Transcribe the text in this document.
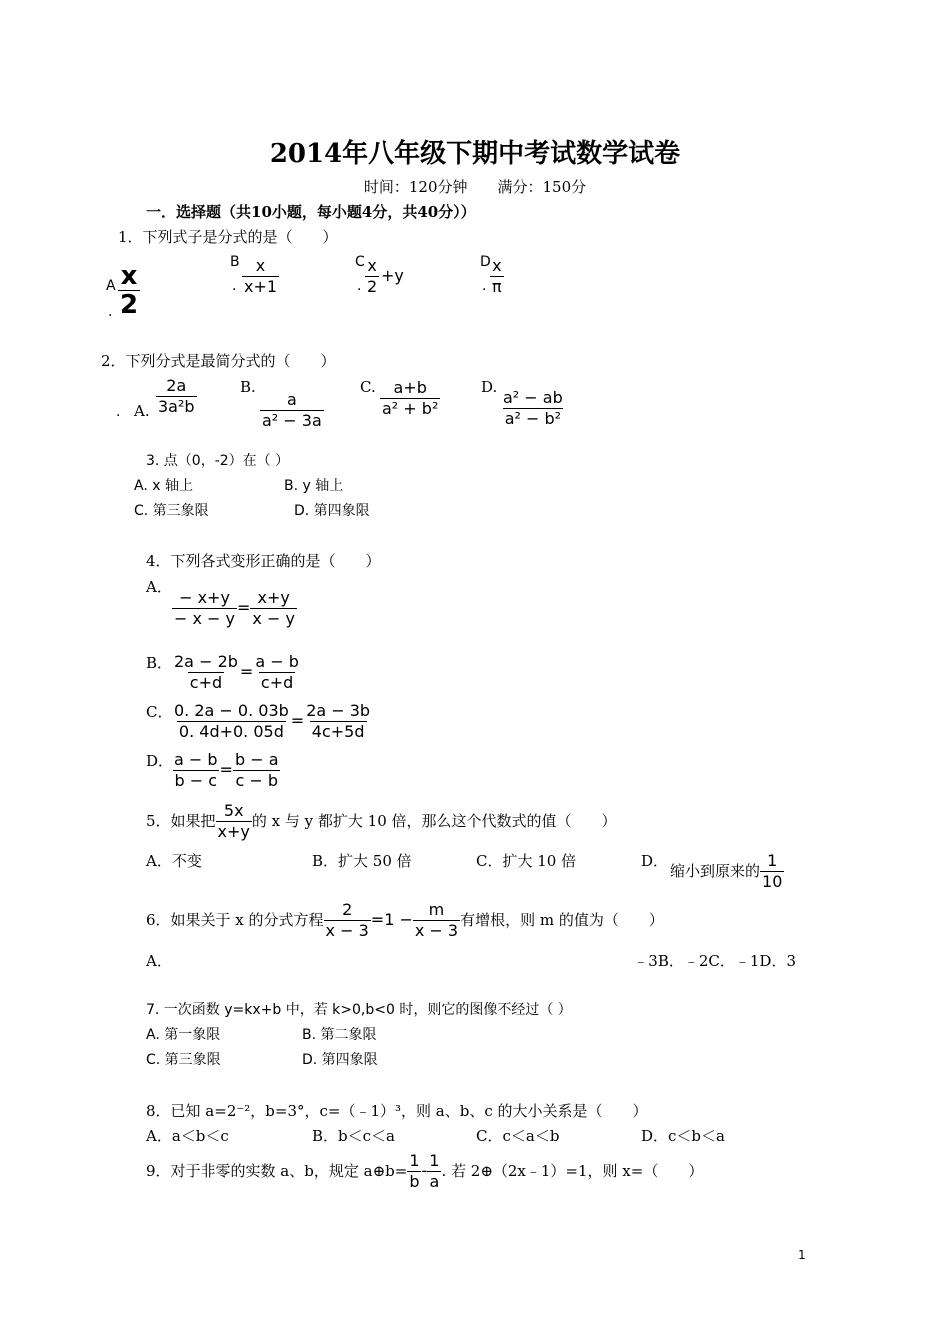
2014年八年级下期中考试数学试卷
时间：120分钟　　满分：150分
一．选择题（共10小题，每小题4分，共40分））
1．下列式子是分式的是（　　）
A
.
x
2
B
.
x
x+1
C
.
x
2
+y
D
.
x
π
2．下列分式是最简分式的（　　）
. A.
2a
3a²b
B.
a
a² − 3a
C. a+b
a² + b²
D.
a² − ab
a² − b²
3. 点（0，-2）在（ ）
A. x 轴上	B. y 轴上
C. 第三象限	D. 第四象限
4．下列各式变形正确的是（　　）
A．
$\frac{- x+y}{- x - y} = \frac{x+y}{x - y}$
B． $\frac{2a - 2b}{c+d} = \frac{a - b}{c+d}$
C． $\frac{0. 2a - 0. 03b}{0. 4d+0. 05d} = \frac{2a - 3b}{4c+5d}$
D．
$\frac{a - b}{b - c} = \frac{b - a}{c - b}$
5．如果把 $\frac{5x}{x+y}$ 的 x 与 y 都扩大 10 倍，那么这个代数式的值（　　）
A．不变	B．扩大 50 倍	C．扩大 10 倍	D．
缩小到原来的 $\frac{1}{10}$
6．如果关于 x 的分式方程 $\frac{2}{x - 3} =1 - \frac{m}{x - 3}$ 有增根，则 m 的值为（　　）
A．	﹣3B．﹣2C．﹣1D．3
7. 一次函数 y=kx+b 中，若 k>0,b<0 时，则它的图像不经过（ ）
A. 第一象限	B. 第二象限
C. 第三象限	D. 第四象限
8．已知 a=2⁻²，b=3°，c=（﹣1）³，则 a、b、c 的大小关系是（　　）
A．a＜b＜c	B．b＜c＜a	C．c＜a＜b	D．c＜b＜a
9．对于非零的实数 a、b，规定 a⊕b= $\frac{1}{b} - \frac{1}{a}$ . 若 2⊕（2x﹣1）=1，则 x=（　　）
1
